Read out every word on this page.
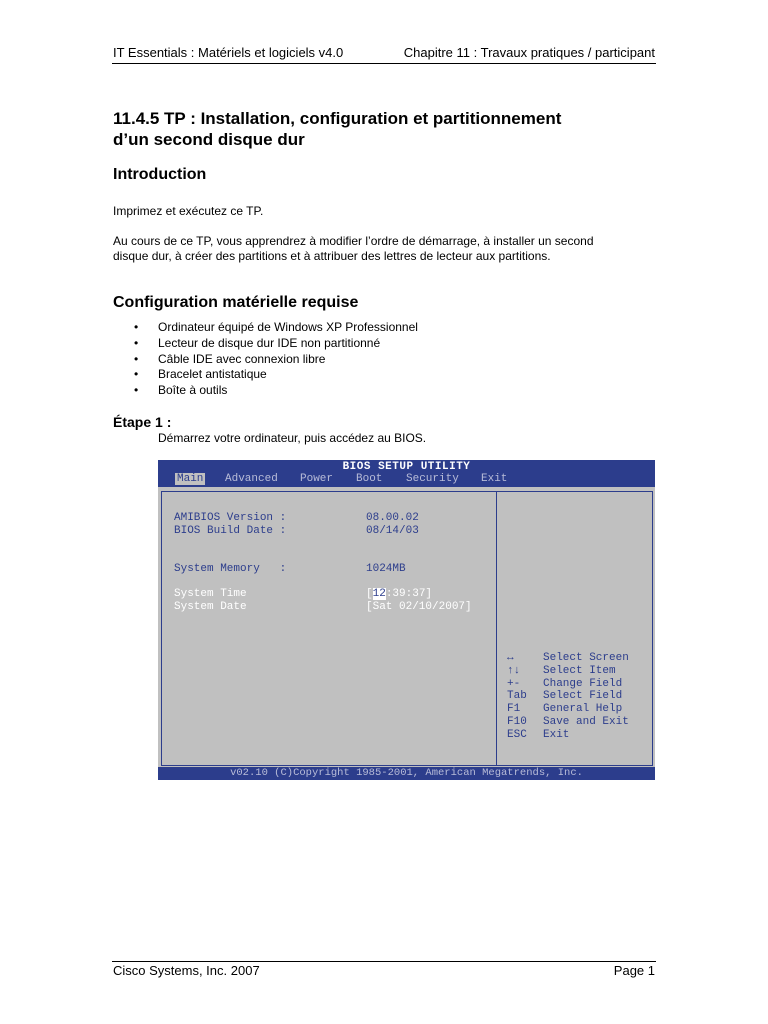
IT Essentials : Matériels et logiciels v4.0	Chapitre 11 : Travaux pratiques / participant
11.4.5 TP : Installation, configuration et partitionnement
d’un second disque dur
Introduction

Imprimez et exécutez ce TP.

Au cours de ce TP, vous apprendrez à modifier l’ordre de démarrage, à installer un second
disque dur, à créer des partitions et à attribuer des lettres de lecteur aux partitions.

Configuration matérielle requise
• Ordinateur équipé de Windows XP Professionnel
• Lecteur de disque dur IDE non partitionné
• Câble IDE avec connexion libre
• Bracelet antistatique
• Boîte à outils
Étape 1 :

Démarrez votre ordinateur, puis accédez au BIOS.

BIOS SETUP UTILITY
Main Advanced Power Boot Security Exit
AMIBIOS Version :	08.00.02
BIOS Build Date :	08/14/03
System Memory   :	1024MB
System Time	[12:39:37]
System Date	[Sat 02/10/2007]
↔	Select Screen
↑↓ Select Item
+- Change Field
Tab Select Field
F1 General Help
F10 Save and Exit
ESC Exit
v02.10 (C)Copyright 1985-2001, American Megatrends, Inc.
Cisco Systems, Inc. 2007	Page 1
